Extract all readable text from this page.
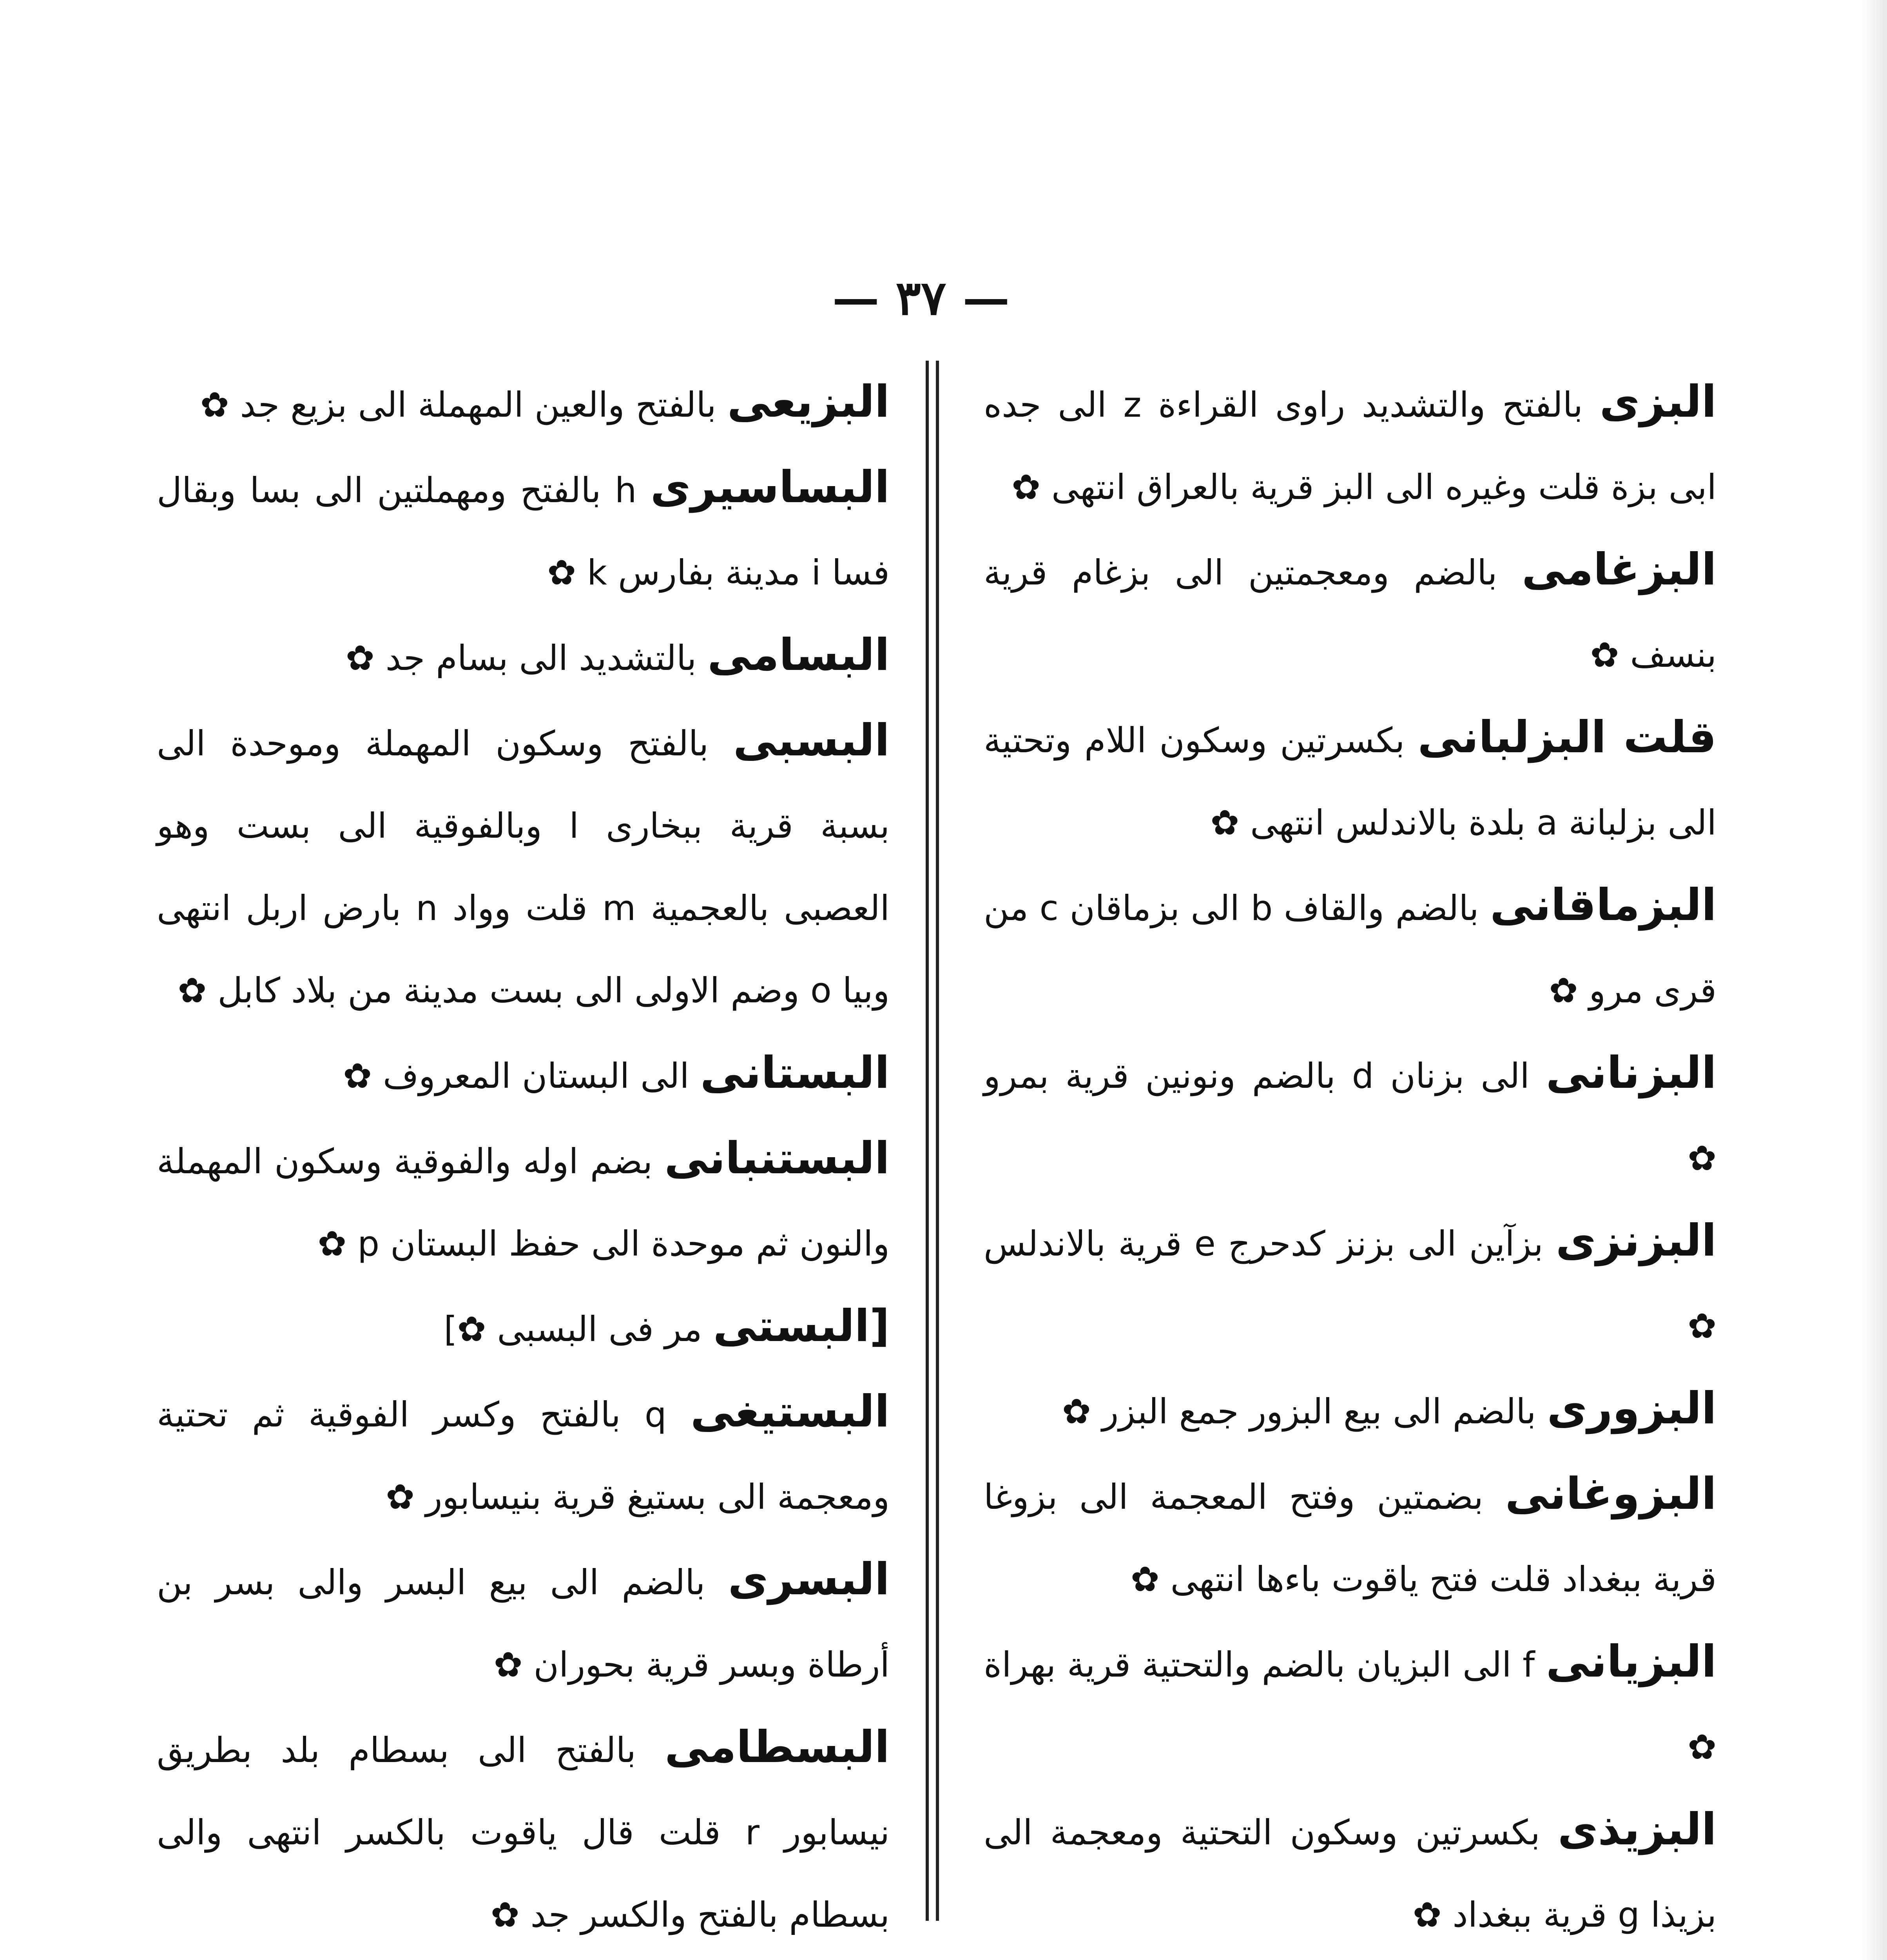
— ٣٧ —

البزى بالفتح والتشديد راوى القراءة z الى جده ابى بزة قلت وغيره الى البز قرية بالعراق انتهى ✿

البزغامى بالضم ومعجمتين الى بزغام قرية بنسف ✿

قلت البزلبانى بكسرتين وسكون اللام وتحتية الى بزلبانة a بلدة بالاندلس انتهى ✿

البزماقانى بالضم والقاف b الى بزماقان c من قرى مرو ✿

البزنانى الى بزنان d بالضم ونونين قرية بمرو ✿

البزنزى بزآين الى بزنز كدحرج e قرية بالاندلس ✿

البزورى بالضم الى بيع البزور جمع البزر ✿

البزوغانى بضمتين وفتح المعجمة الى بزوغا قرية ببغداد قلت فتح ياقوت باءها انتهى ✿

البزيانى f الى البزيان بالضم والتحتية قرية بهراة ✿

البزيذى بكسرتين وسكون التحتية ومعجمة الى بزيذا g قرية ببغداد ✿

البزيعى بالفتح والعين المهملة الى بزيع جد ✿

البساسيرى h بالفتح ومهملتين الى بسا وبقال فسا i مدينة بفارس k ✿

البسامى بالتشديد الى بسام جد ✿

البسبى بالفتح وسكون المهملة وموحدة الى بسبة قرية ببخارى l وبالفوقية الى بست وهو العصبى بالعجمية m قلت وواد n بارض اربل انتهى وبيا o وضم الاولى الى بست مدينة من بلاد كابل ✿

البستانى الى البستان المعروف ✿

البستنبانى بضم اوله والفوقية وسكون المهملة والنون ثم موحدة الى حفظ البستان p ✿

[البستى مر فى البسبى ✿]

البستيغى q بالفتح وكسر الفوقية ثم تحتية ومعجمة الى بستيغ قرية بنيسابور ✿

البسرى بالضم الى بيع البسر والى بسر بن أرطاة وبسر قرية بحوران ✿

البسطامى بالفتح الى بسطام بلد بطريق نيسابور r قلت قال ياقوت بالكسر انتهى والى بسطام بالفتح والكسر جد ✿
